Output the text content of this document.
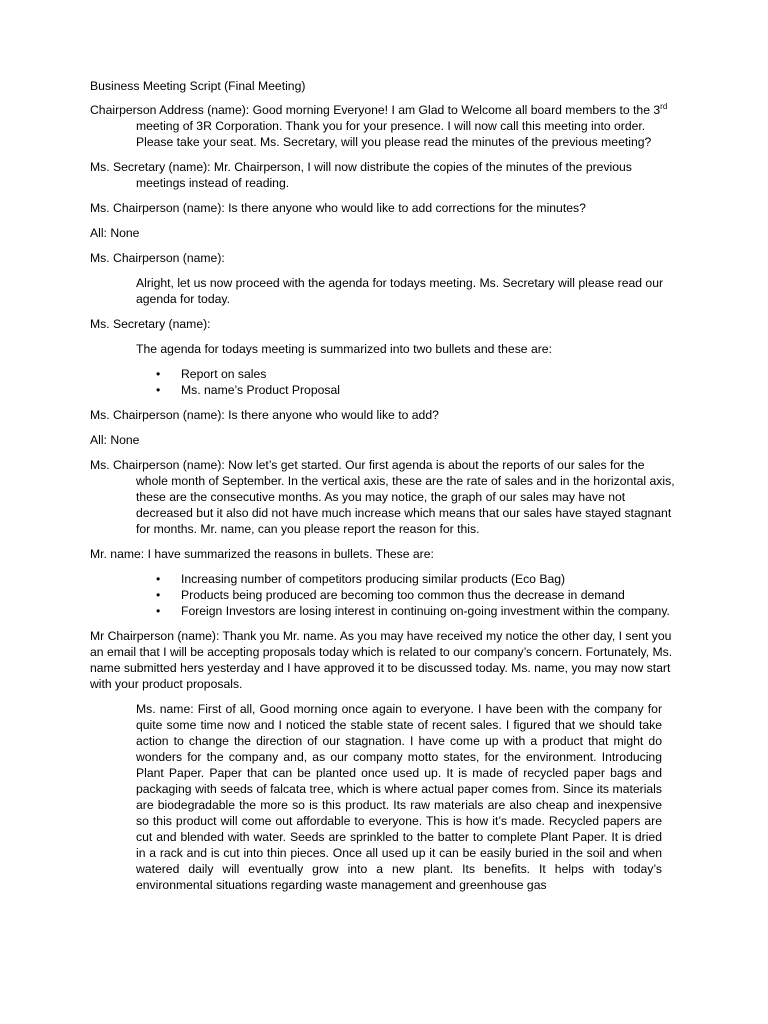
Business Meeting Script (Final Meeting)

Chairperson Address (name): Good morning Everyone! I am Glad to Welcome all board members to the 3rd meeting of 3R Corporation. Thank you for your presence. I will now call this meeting into order. Please take your seat. Ms. Secretary, will you please read the minutes of the previous meeting?

Ms. Secretary (name): Mr. Chairperson, I will now distribute the copies of the minutes of the previous meetings instead of reading.

Ms. Chairperson (name): Is there anyone who would like to add corrections for the minutes?

All: None

Ms. Chairperson (name):

Alright, let us now proceed with the agenda for todays meeting. Ms. Secretary will please read our agenda for today.

Ms. Secretary (name):

The agenda for todays meeting is summarized into two bullets and these are:

• Report on sales
• Ms. name’s Product Proposal

Ms. Chairperson (name): Is there anyone who would like to add?

All: None

Ms. Chairperson (name): Now let’s get started. Our first agenda is about the reports of our sales for the whole month of September. In the vertical axis, these are the rate of sales and in the horizontal axis, these are the consecutive months. As you may notice, the graph of our sales may have not decreased but it also did not have much increase which means that our sales have stayed stagnant for months. Mr. name, can you please report the reason for this.

Mr. name: I have summarized the reasons in bullets. These are:

• Increasing number of competitors producing similar products (Eco Bag)
• Products being produced are becoming too common thus the decrease in demand
• Foreign Investors are losing interest in continuing on-going investment within the company.

Mr Chairperson (name): Thank you Mr. name. As you may have received my notice the other day, I sent you an email that I will be accepting proposals today which is related to our company’s concern. Fortunately, Ms. name submitted hers yesterday and I have approved it to be discussed today. Ms. name, you may now start with your product proposals.

Ms. name: First of all, Good morning once again to everyone. I have been with the company for quite some time now and I noticed the stable state of recent sales. I figured that we should take action to change the direction of our stagnation. I have come up with a product that might do wonders for the company and, as our company motto states, for the environment. Introducing Plant Paper. Paper that can be planted once used up. It is made of recycled paper bags and packaging with seeds of falcata tree, which is where actual paper comes from. Since its materials are biodegradable the more so is this product. Its raw materials are also cheap and inexpensive so this product will come out affordable to everyone. This is how it’s made. Recycled papers are cut and blended with water. Seeds are sprinkled to the batter to complete Plant Paper. It is dried in a rack and is cut into thin pieces. Once all used up it can be easily buried in the soil and when watered daily will eventually grow into a new plant. Its benefits. It helps with today’s environmental situations regarding waste management and greenhouse gas
